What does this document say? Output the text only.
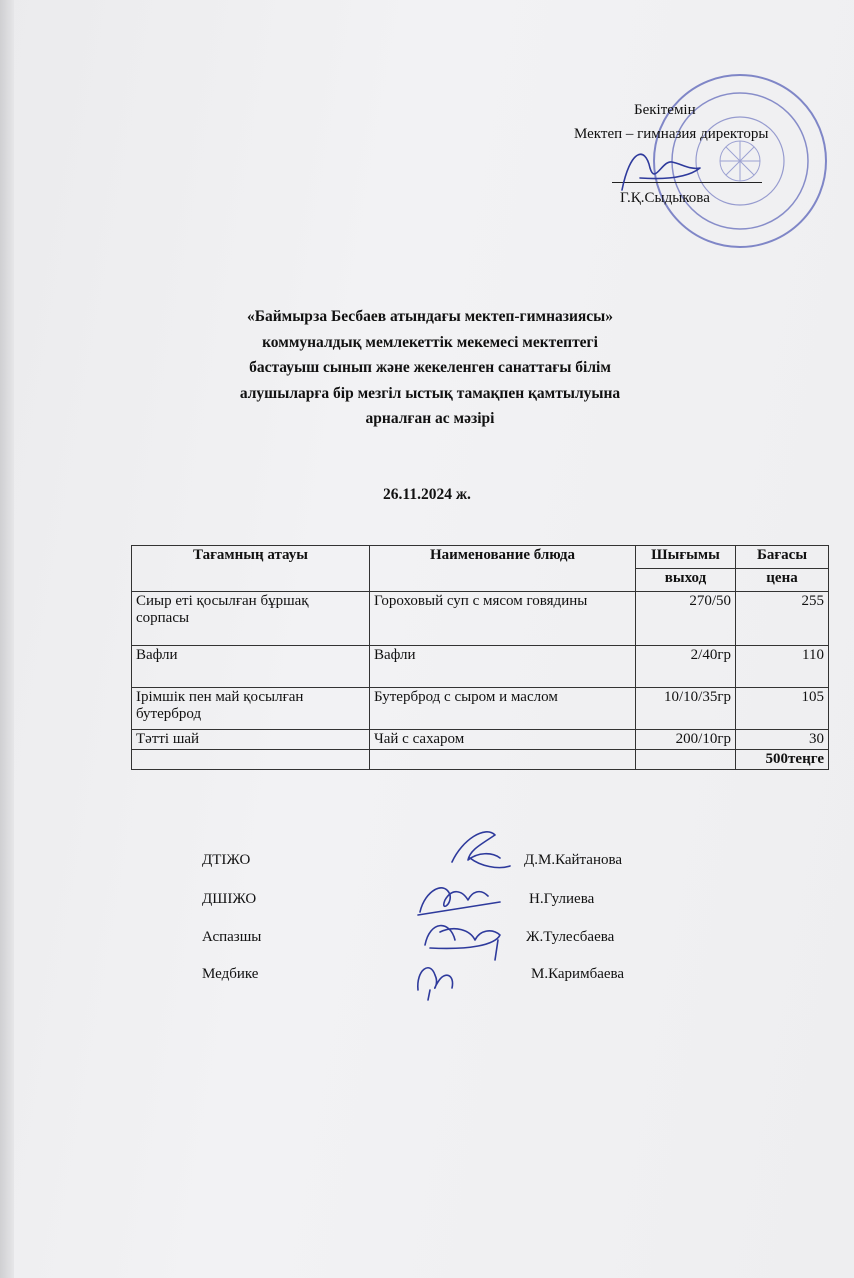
Бекітемін
Мектеп – гимназия директоры
Г.Қ.Сыдыкова
«Баймырза Бесбаев атындағы мектеп-гимназиясы»
коммуналдық мемлекеттік мекемесі мектептегі
бастауыш сынып және жекеленген санаттағы білім
алушыларға бір мезгіл ыстық тамақпен қамтылуына
арналған ас мәзірі
26.11.2024 ж.
Тағамның атауы	Наименование блюда	Шығымы	Бағасы
		выход	цена
Сиыр еті қосылған бұршақ сорпасы	Гороховый суп с мясом говядины	270/50	255
Вафли	Вафли	2/40гр	110
Ірімшік пен май қосылған бутерброд	Бутерброд с сыром и маслом	10/10/35гр	105
Тәтті шай	Чай с сахаром	200/10гр	30
			500теңге
ДТІЖО	Д.М.Кайтанова
ДШІЖО	Н.Гулиева
Аспазшы	Ж.Тулесбаева
Медбике	М.Каримбаева
